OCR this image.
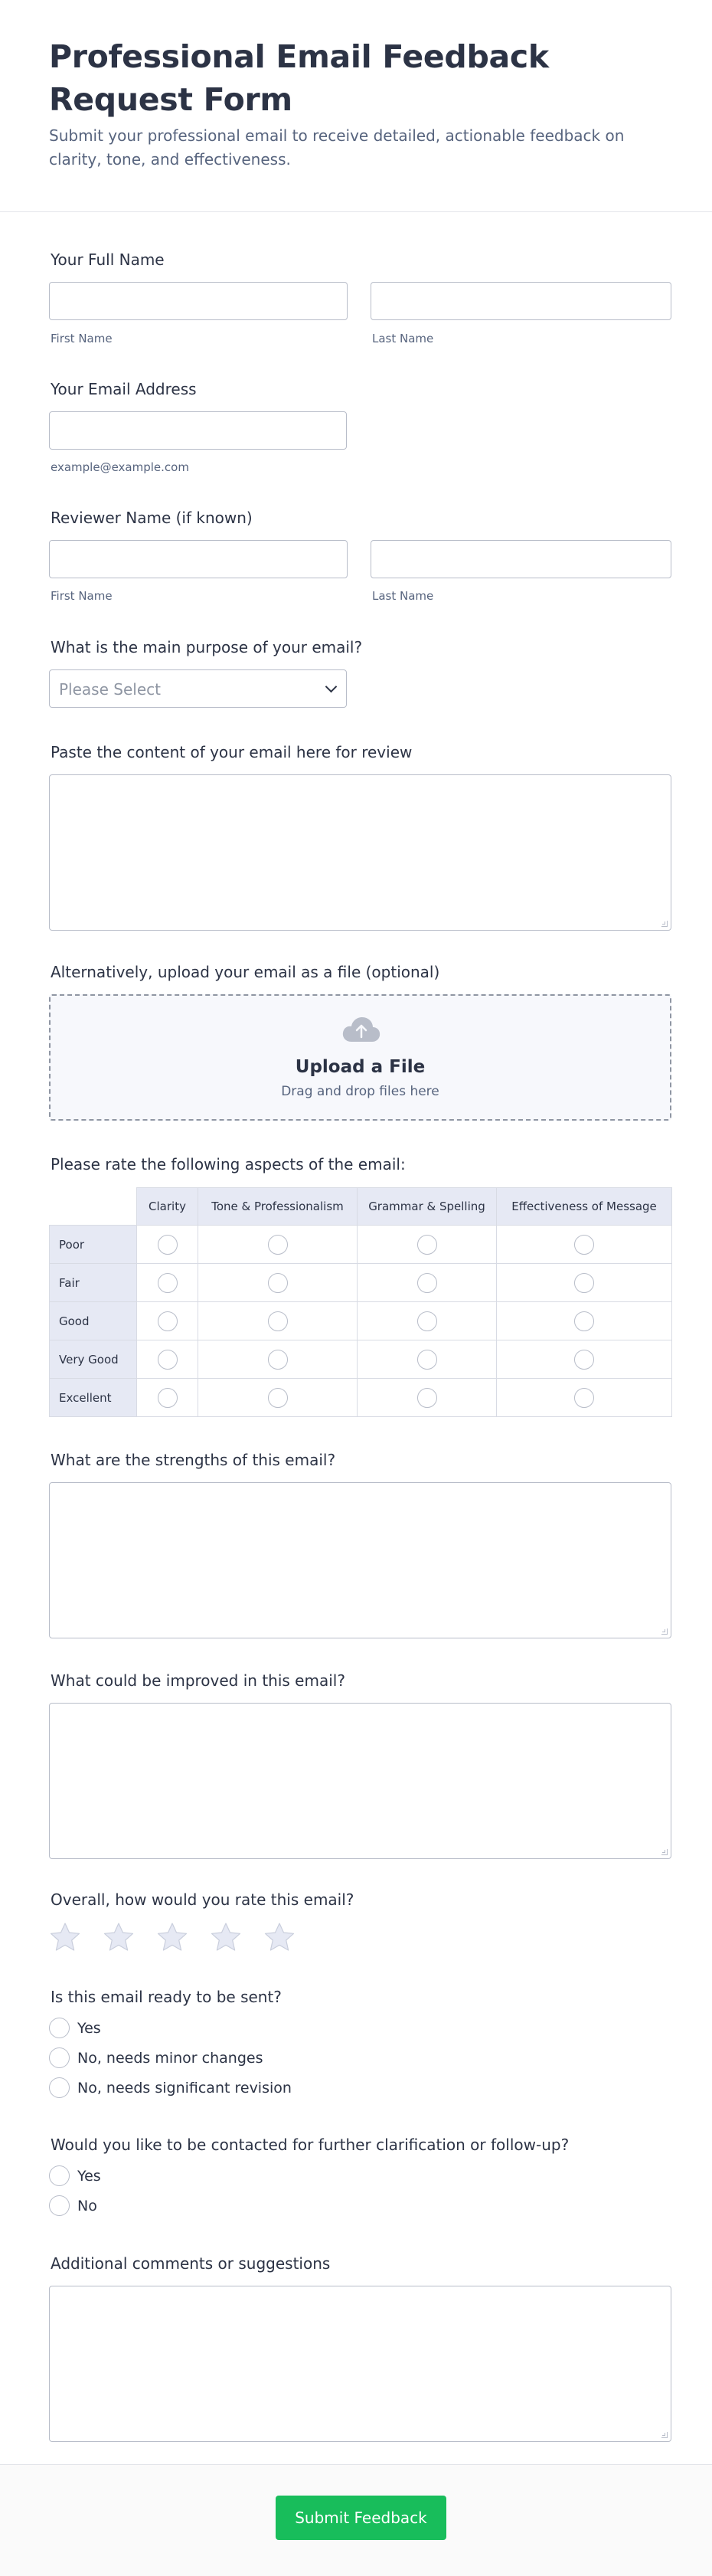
Professional Email Feedback Request Form
Submit your professional email to receive detailed, actionable feedback on clarity, tone, and effectiveness.
Your Full Name
First Name	Last Name
Your Email Address
example@example.com
Reviewer Name (if known)
First Name	Last Name
What is the main purpose of your email?
Please Select
Paste the content of your email here for review
Alternatively, upload your email as a file (optional)
Upload a File
Drag and drop files here
Please rate the following aspects of the email:
	Clarity	Tone & Professionalism	Grammar & Spelling	Effectiveness of Message
Poor				
Fair				
Good				
Very Good				
Excellent				
What are the strengths of this email?
What could be improved in this email?
Overall, how would you rate this email?
Is this email ready to be sent?
Yes
No, needs minor changes
No, needs significant revision
Would you like to be contacted for further clarification or follow-up?
Yes
No
Additional comments or suggestions
Submit Feedback
